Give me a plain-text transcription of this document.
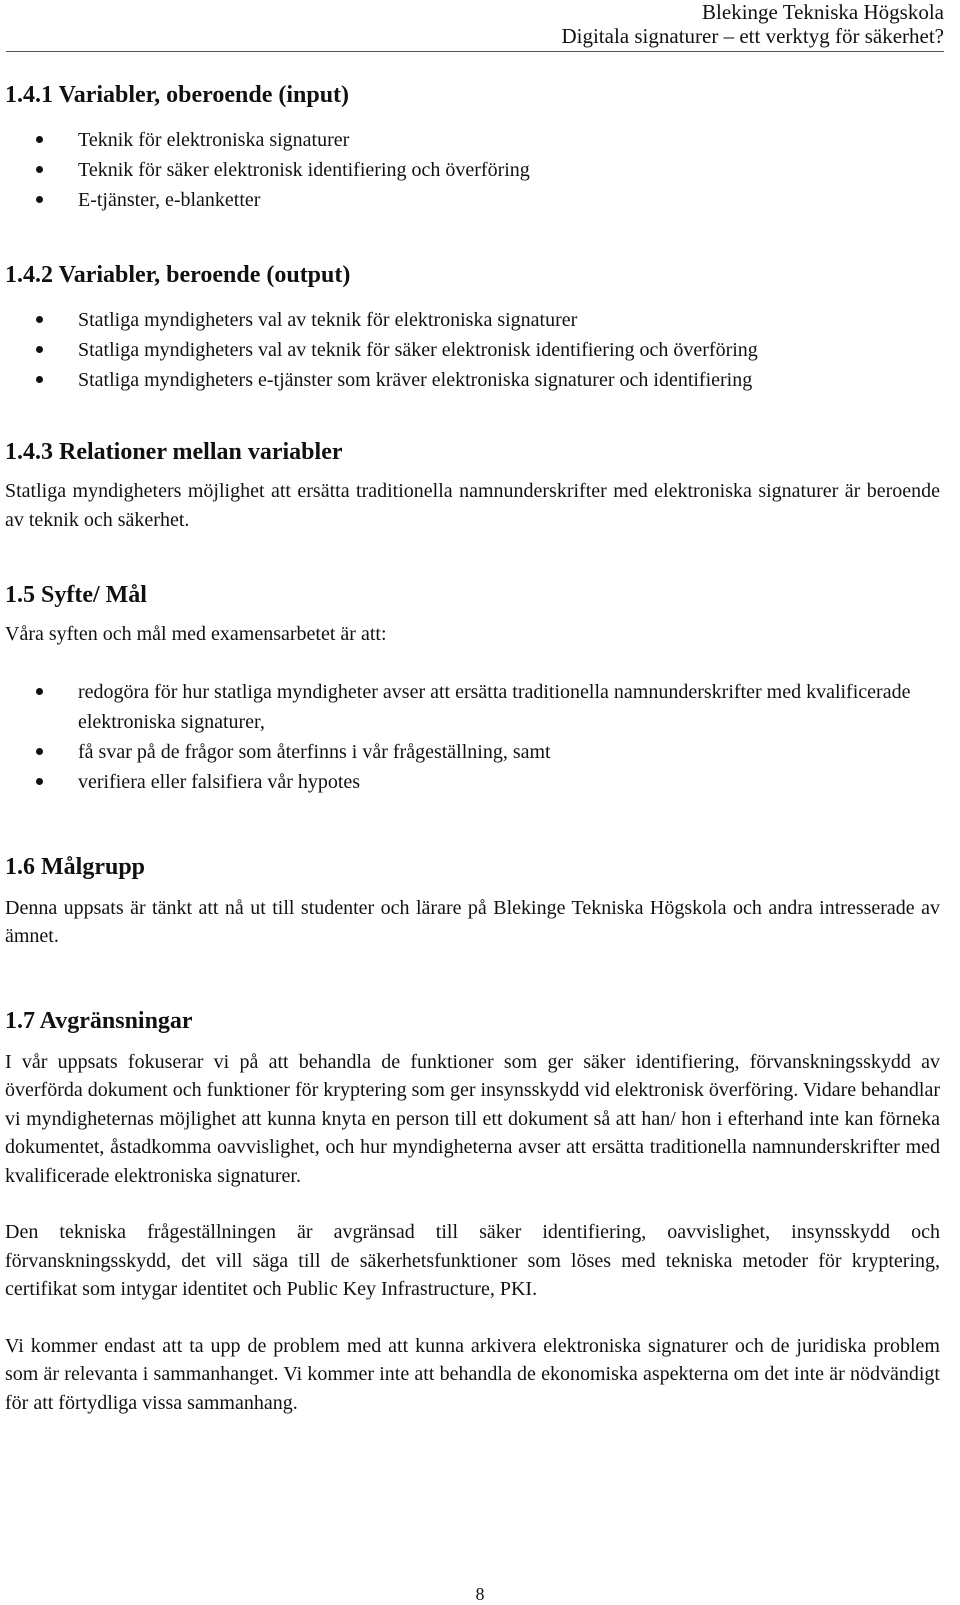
Blekinge Tekniska Högskola
Digitala signaturer – ett verktyg för säkerhet?
1.4.1 Variabler, oberoende (input)
Teknik för elektroniska signaturer
Teknik för säker elektronisk identifiering och överföring
E-tjänster, e-blanketter
1.4.2 Variabler, beroende (output)
Statliga myndigheters val av teknik för elektroniska signaturer
Statliga myndigheters val av teknik för säker elektronisk identifiering och överföring
Statliga myndigheters e-tjänster som kräver elektroniska signaturer och identifiering
1.4.3 Relationer mellan variabler

Statliga myndigheters möjlighet att ersätta traditionella namnunderskrifter med elektroniska signaturer är beroende av teknik och säkerhet.

1.5 Syfte/ Mål

Våra syften och mål med examensarbetet är att:

redogöra för hur statliga myndigheter avser att ersätta traditionella namnunderskrifter med kvalificerade elektroniska signaturer,
få svar på de frågor som återfinns i vår frågeställning, samt
verifiera eller falsifiera vår hypotes
1.6 Målgrupp

Denna uppsats är tänkt att nå ut till studenter och lärare på Blekinge Tekniska Högskola och andra intresserade av ämnet.

1.7 Avgränsningar

I vår uppsats fokuserar vi på att behandla de funktioner som ger säker identifiering, förvanskningsskydd av överförda dokument och funktioner för kryptering som ger insynsskydd vid elektronisk överföring. Vidare behandlar vi myndigheternas möjlighet att kunna knyta en person till ett dokument så att han/ hon i efterhand inte kan förneka dokumentet, åstadkomma oavvislighet, och hur myndigheterna avser att ersätta traditionella namnunderskrifter med kvalificerade elektroniska signaturer.

Den tekniska frågeställningen är avgränsad till säker identifiering, oavvislighet, insynsskydd och förvanskningsskydd, det vill säga till de säkerhetsfunktioner som löses med tekniska metoder för kryptering, certifikat som intygar identitet och Public Key Infrastructure, PKI.

Vi kommer endast att ta upp de problem med att kunna arkivera elektroniska signaturer och de juridiska problem som är relevanta i sammanhanget. Vi kommer inte att behandla de ekonomiska aspekterna om det inte är nödvändigt för att förtydliga vissa sammanhang.

8
